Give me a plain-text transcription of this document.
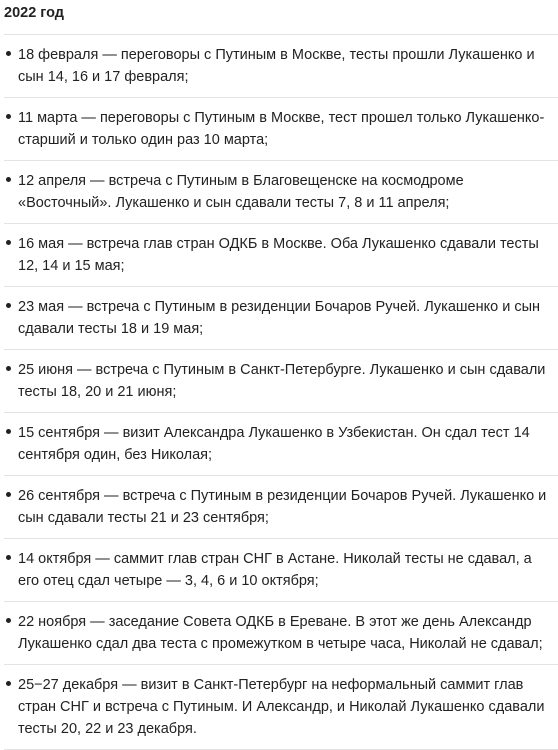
2022 год
18 февраля — переговоры с Путиным в Москве, тесты прошли Лукашенко и сын 14, 16 и 17 февраля;
11 марта — переговоры с Путиным в Москве, тест прошел только Лукашенко-старший и только один раз 10 марта;
12 апреля — встреча с Путиным в Благовещенске на космодроме «Восточный». Лукашенко и сын сдавали тесты 7, 8 и 11 апреля;
16 мая — встреча глав стран ОДКБ в Москве. Оба Лукашенко сдавали тесты 12, 14 и 15 мая;
23 мая — встреча с Путиным в резиденции Бочаров Ручей. Лукашенко и сын сдавали тесты 18 и 19 мая;
25 июня — встреча с Путиным в Санкт-Петербурге. Лукашенко и сын сдавали тесты 18, 20 и 21 июня;
15 сентября — визит Александра Лукашенко в Узбекистан. Он сдал тест 14 сентября один, без Николая;
26 сентября — встреча с Путиным в резиденции Бочаров Ручей. Лукашенко и сын сдавали тесты 21 и 23 сентября;
14 октября — саммит глав стран СНГ в Астане. Николай тесты не сдавал, а его отец сдал четыре — 3, 4, 6 и 10 октября;
22 ноября — заседание Совета ОДКБ в Ереване. В этот же день Александр Лукашенко сдал два теста с промежутком в четыре часа, Николай не сдавал;
25−27 декабря — визит в Санкт-Петербург на неформальный саммит глав стран СНГ и встреча с Путиным. И Александр, и Николай Лукашенко сдавали тесты 20, 22 и 23 декабря.
